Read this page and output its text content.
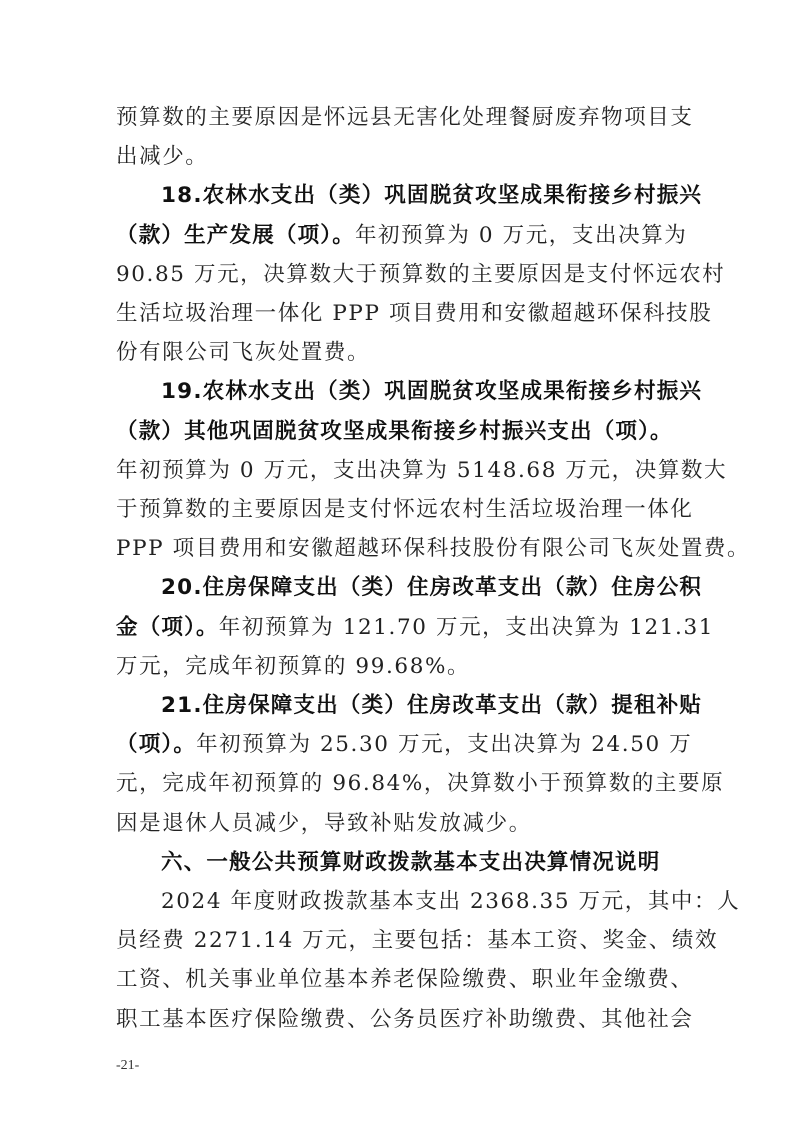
预算数的主要原因是怀远县无害化处理餐厨废弃物项目支
出减少。
18.农林水支出（类）巩固脱贫攻坚成果衔接乡村振兴
（款）生产发展（项）。年初预算为 0 万元，支出决算为
90.85 万元，决算数大于预算数的主要原因是支付怀远农村
生活垃圾治理一体化 PPP 项目费用和安徽超越环保科技股
份有限公司飞灰处置费。
19.农林水支出（类）巩固脱贫攻坚成果衔接乡村振兴
（款）其他巩固脱贫攻坚成果衔接乡村振兴支出（项）。
年初预算为 0 万元，支出决算为 5148.68 万元，决算数大
于预算数的主要原因是支付怀远农村生活垃圾治理一体化
PPP 项目费用和安徽超越环保科技股份有限公司飞灰处置费。
20.住房保障支出（类）住房改革支出（款）住房公积
金（项）。年初预算为 121.70 万元，支出决算为 121.31
万元，完成年初预算的 99.68%。
21.住房保障支出（类）住房改革支出（款）提租补贴
（项）。年初预算为 25.30 万元，支出决算为 24.50 万
元，完成年初预算的 96.84%，决算数小于预算数的主要原
因是退休人员减少，导致补贴发放减少。
六、一般公共预算财政拨款基本支出决算情况说明
2024 年度财政拨款基本支出 2368.35 万元，其中：人
员经费 2271.14 万元，主要包括：基本工资、奖金、绩效
工资、机关事业单位基本养老保险缴费、职业年金缴费、
职工基本医疗保险缴费、公务员医疗补助缴费、其他社会
-21-
